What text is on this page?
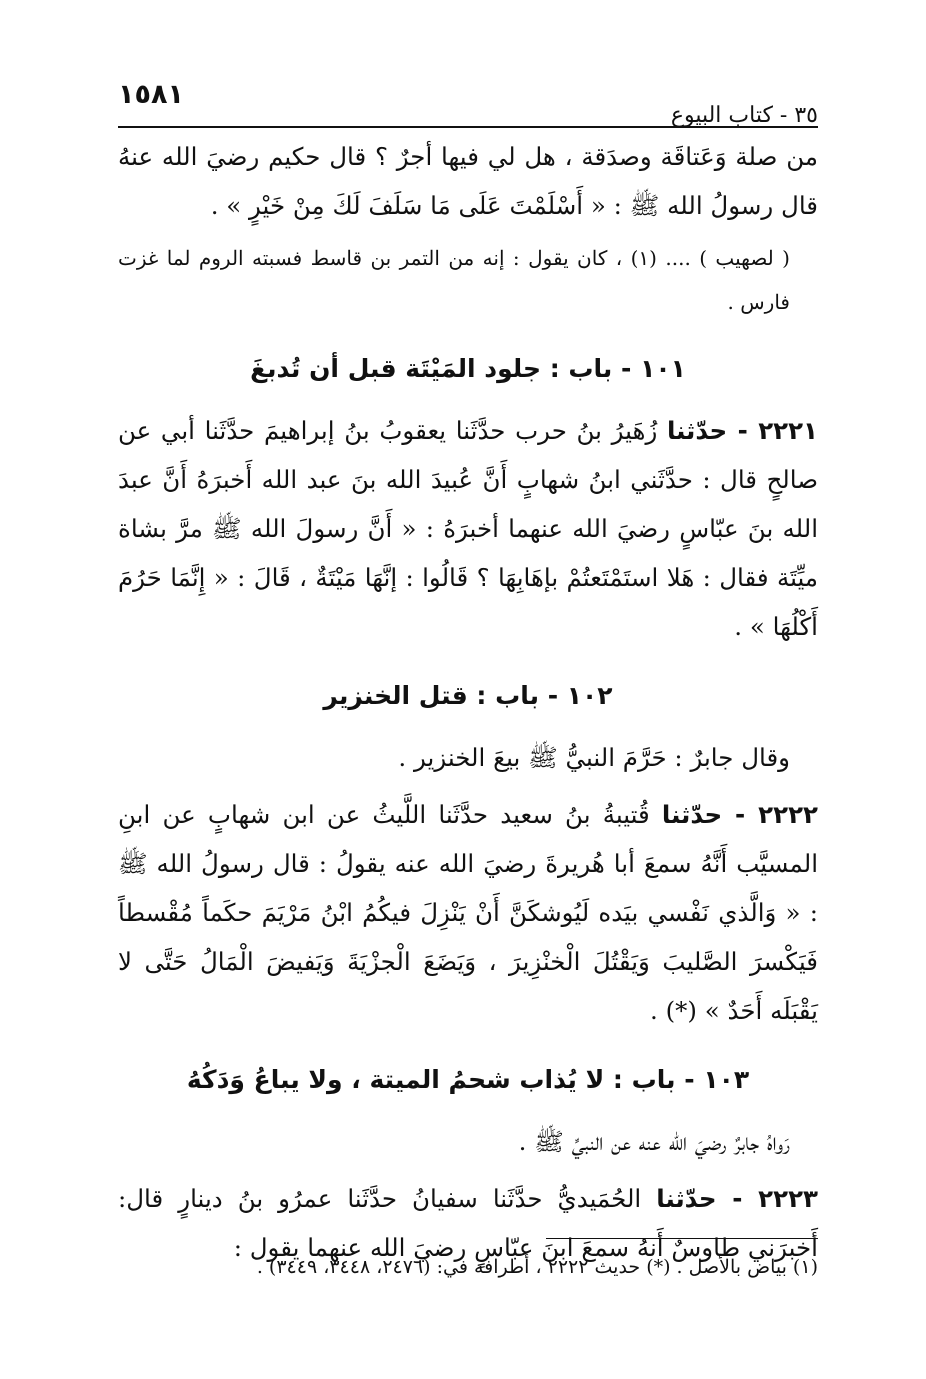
١٥٨١
٣٥ - كتاب البيوع

من صلة وَعَتاقَة وصدَقة ، هل لي فيها أجرٌ ؟ قال حكيم رضيَ الله عنهُ قال رسولُ الله ﷺ : « أَسْلَمْتَ عَلَى مَا سَلَفَ لَكَ مِنْ خَيْرٍ » .

( لصهيب ) .... (١) ، كان يقول : إنه من التمر بن قاسط فسبته الروم لما غزت فارس .

١٠١ - باب : جلود المَيْتَة قبل أن تُدبغَ

٢٢٢١ - حدّثنا زُهَيرُ بنُ حرب حدَّثَنا يعقوبُ بنُ إبراهيمَ حدَّثَنا أبي عن صالحٍ قال : حدَّثَني ابنُ شهابٍ أَنَّ عُبيدَ الله بنَ عبد الله أَخبرَهُ أَنَّ عبدَ الله بنَ عبّاسٍ رضيَ الله عنهما أخبرَهُ : « أَنَّ رسولَ الله ﷺ مرَّ بشاة ميِّتَة فقال : هَلا استَمْتَعتُمْ بإهَابِهَا ؟ قَالُوا : إنَّهَا مَيْتَةٌ ، قَالَ : « إِنَّمَا حَرُمَ أَكْلُهَا » .

١٠٢ - باب : قتل الخنزير

وقال جابرٌ : حَرَّمَ النبيُّ ﷺ بيعَ الخنزير .

٢٢٢٢ - حدّثنا قُتيبةُ بنُ سعيد حدَّثَنا اللَّيثُ عن ابن شهابٍ عن ابنِ المسيَّب أَنَّهُ سمعَ أبا هُريرةَ رضيَ الله عنه يقولُ : قال رسولُ الله ﷺ : « وَالَّذي نَفْسي بيَده لَيُوشكَنَّ أَنْ يَنْزِلَ فيكُمُ ابْنُ مَرْيَمَ حكَماً مُقْسطاً فَيَكْسرَ الصَّليبَ وَيَقْتُلَ الْخنْزِيرَ ، وَيَضَعَ الْجزْيَةَ وَيَفيضَ الْمَالُ حَتَّى لا يَقْبَلَه أَحَدٌ » (*) .

١٠٣ - باب : لا يُذاب شحمُ الميتة ، ولا يباعُ وَدَكُهُ

رَواهُ جابرٌ رضيَ الله عنه عن النبيِّ ﷺ .

٢٢٢٣ - حدّثنا الحُمَيديُّ حدَّثَنا سفيانُ حدَّثَنا عمرُو بنُ دينارٍ قال: أَخبرَني طاوسٌ أَنهُ سمعَ ابنَ عبّاسٍ رضيَ الله عنهما يقول :

(١) بياض بالأصل . (*) حديث ٢٢٢٢ ، أطرافه في: (٢٤٧٦، ٣٤٤٨، ٣٤٤٩) .
